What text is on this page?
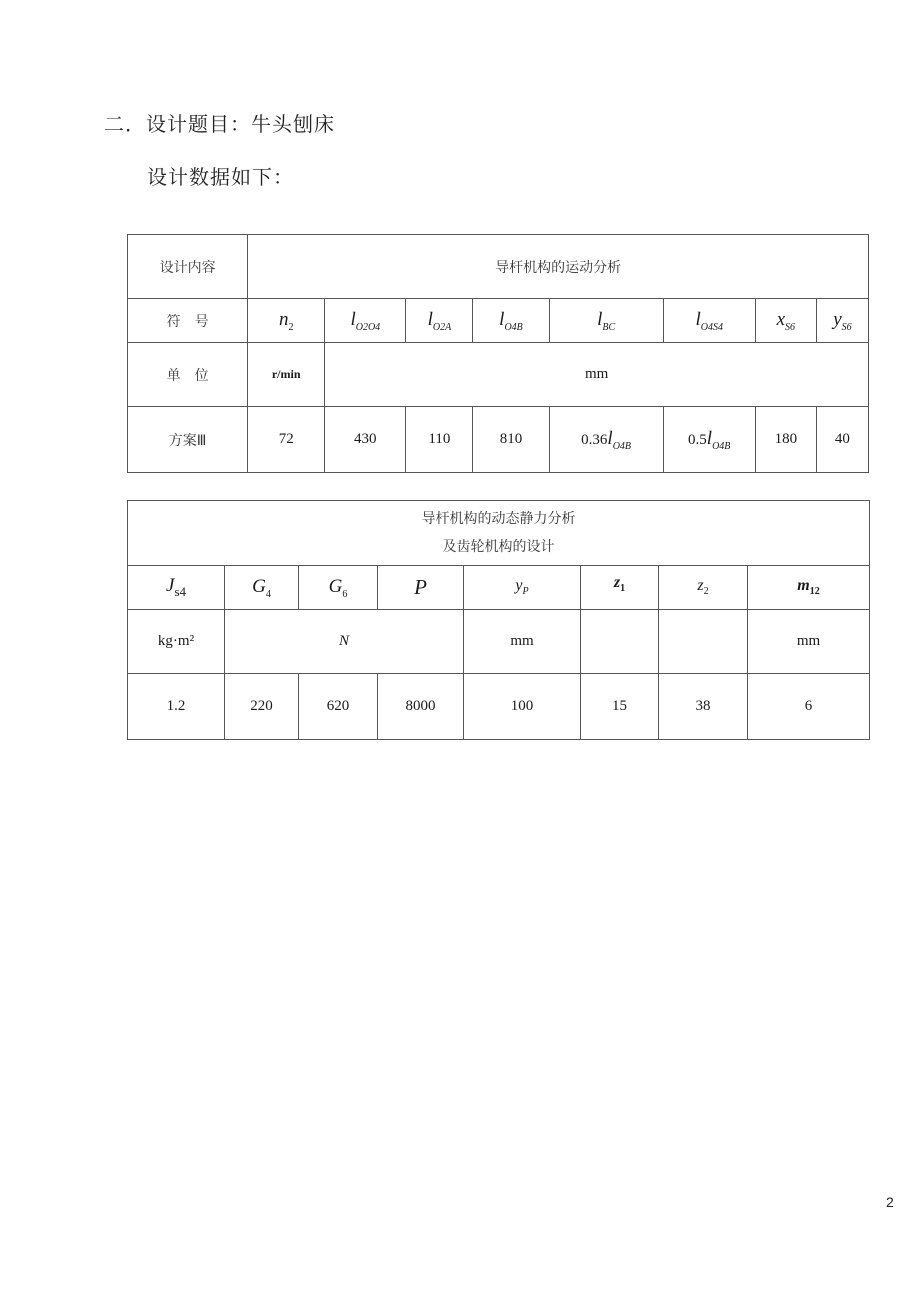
二．设计题目：牛头刨床
设计数据如下：
设计内容	导杆机构的运动分析							
符　号	$n_2$	$l_{O2O4}$	$l_{O2A}$	$l_{O4B}$	$l_{BC}$	$l_{O4S4}$	$x_{S6}$	$y_{S6}$
单　位	r/min	mm						
方案Ⅲ	72	430	110	810	$0.36l_{O4B}$	$0.5l_{O4B}$	180	40
导杆机构的动态静力分析
及齿轮机构的设计							

$J_{s4}$	$G_4$	$G_6$	P	$y_P$	$z_1$	$z_2$	$m_{12}$
kg·m²	N			mm			mm
1.2	220	620	8000	100	15	38	6
2
